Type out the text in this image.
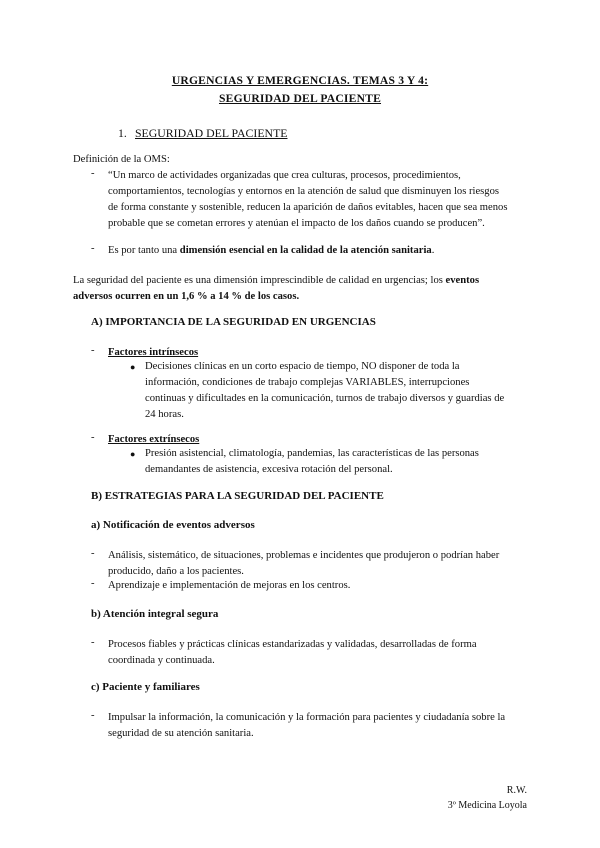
URGENCIAS Y EMERGENCIAS. TEMAS 3 Y 4:
SEGURIDAD DEL PACIENTE
1. SEGURIDAD DEL PACIENTE
Definición de la OMS:
- “Un marco de actividades organizadas que crea culturas, procesos, procedimientos,

comportamientos, tecnologías y entornos en la atención de salud que disminuyen los riesgos

de forma constante y sostenible, reducen la aparición de daños evitables, hacen que sea menos

probable que se cometan errores y atenúan el impacto de los daños cuando se producen”.

- Es por tanto una dimensión esencial en la calidad de la atención sanitaria.

La seguridad del paciente es una dimensión imprescindible de calidad en urgencias; los eventos

adversos ocurren en un 1,6 % a 14 % de los casos.

A) IMPORTANCIA DE LA SEGURIDAD EN URGENCIAS
- Factores intrínsecos
● Decisiones clínicas en un corto espacio de tiempo, NO disponer de toda la

información, condiciones de trabajo complejas VARIABLES, interrupciones

continuas y dificultades en la comunicación, turnos de trabajo diversos y guardias de

24 horas.

- Factores extrínsecos
● Presión asistencial, climatología, pandemias, las características de las personas

demandantes de asistencia, excesiva rotación del personal.

B) ESTRATEGIAS PARA LA SEGURIDAD DEL PACIENTE
a) Notificación de eventos adversos
- Análisis, sistemático, de situaciones, problemas e incidentes que produjeron o podrían haber

producido, daño a los pacientes.

- Aprendizaje e implementación de mejoras en los centros.
b) Atención integral segura
- Procesos fiables y prácticas clínicas estandarizadas y validadas, desarrolladas de forma

coordinada y continuada.

c) Paciente y familiares
- Impulsar la información, la comunicación y la formación para pacientes y ciudadanía sobre la

seguridad de su atención sanitaria.

R.W.
3º Medicina Loyola
